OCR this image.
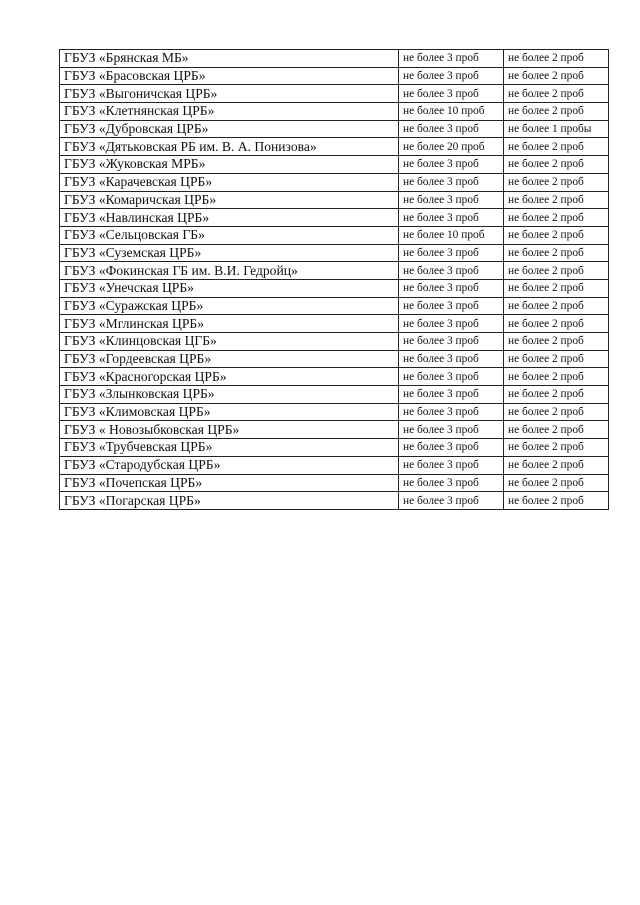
ГБУЗ «Брянская МБ»	не более 3 проб	не более 2 проб
ГБУЗ «Брасовская ЦРБ»	не более 3 проб	не более 2 проб
ГБУЗ «Выгоничская ЦРБ»	не более 3 проб	не более 2 проб
ГБУЗ «Клетнянская ЦРБ»	не более 10 проб	не более 2 проб
ГБУЗ «Дубровская ЦРБ»	не более 3 проб	не более 1 пробы
ГБУЗ «Дятьковская РБ им. В. А. Понизова»	не более 20 проб	не более 2 проб
ГБУЗ «Жуковская МРБ»	не более 3 проб	не более 2 проб
ГБУЗ «Карачевская ЦРБ»	не более 3 проб	не более 2 проб
ГБУЗ «Комаричская ЦРБ»	не более 3 проб	не более 2 проб
ГБУЗ «Навлинская ЦРБ»	не более 3 проб	не более 2 проб
ГБУЗ «Сельцовская ГБ»	не более 10 проб	не более 2 проб
ГБУЗ «Суземская ЦРБ»	не более 3 проб	не более 2 проб
ГБУЗ «Фокинская ГБ им. В.И. Гедройц»	не более 3 проб	не более 2 проб
ГБУЗ «Унечская ЦРБ»	не более 3 проб	не более 2 проб
ГБУЗ «Суражская ЦРБ»	не более 3 проб	не более 2 проб
ГБУЗ «Мглинская ЦРБ»	не более 3 проб	не более 2 проб
ГБУЗ «Клинцовская ЦГБ»	не более 3 проб	не более 2 проб
ГБУЗ «Гордеевская ЦРБ»	не более 3 проб	не более 2 проб
ГБУЗ «Красногорская ЦРБ»	не более 3 проб	не более 2 проб
ГБУЗ «Злынковская ЦРБ»	не более 3 проб	не более 2 проб
ГБУЗ «Климовская ЦРБ»	не более 3 проб	не более 2 проб
ГБУЗ « Новозыбковская ЦРБ»	не более 3 проб	не более 2 проб
ГБУЗ «Трубчевская ЦРБ»	не более 3 проб	не более 2 проб
ГБУЗ «Стародубская ЦРБ»	не более 3 проб	не более 2 проб
ГБУЗ «Почепская ЦРБ»	не более 3 проб	не более 2 проб
ГБУЗ «Погарская ЦРБ»	не более 3 проб	не более 2 проб
